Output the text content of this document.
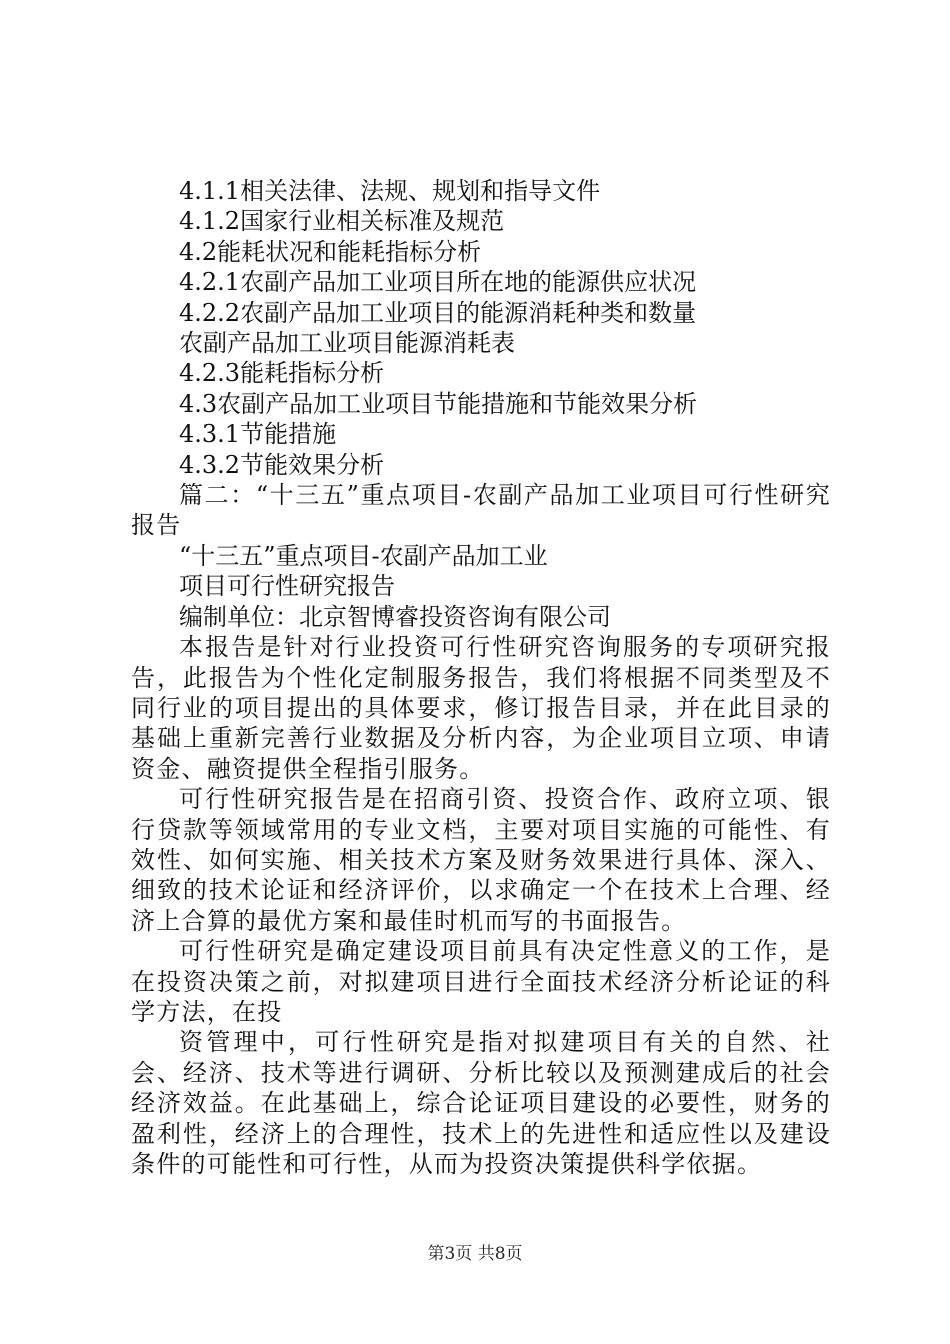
4.1.1相关法律、法规、规划和指导文件
4.1.2国家行业相关标准及规范
4.2能耗状况和能耗指标分析
4.2.1农副产品加工业项目所在地的能源供应状况
4.2.2农副产品加工业项目的能源消耗种类和数量
农副产品加工业项目能源消耗表
4.2.3能耗指标分析
4.3农副产品加工业项目节能措施和节能效果分析
4.3.1节能措施
4.3.2节能效果分析

篇二：“十三五”重点项目-农副产品加工业项目可行性研究报告

“十三五”重点项目-农副产品加工业
项目可行性研究报告
编制单位：北京智博睿投资咨询有限公司

本报告是针对行业投资可行性研究咨询服务的专项研究报告，此报告为个性化定制服务报告，我们将根据不同类型及不同行业的项目提出的具体要求，修订报告目录，并在此目录的基础上重新完善行业数据及分析内容，为企业项目立项、申请资金、融资提供全程指引服务。

可行性研究报告是在招商引资、投资合作、政府立项、银行贷款等领域常用的专业文档，主要对项目实施的可能性、有效性、如何实施、相关技术方案及财务效果进行具体、深入、细致的技术论证和经济评价，以求确定一个在技术上合理、经济上合算的最优方案和最佳时机而写的书面报告。

可行性研究是确定建设项目前具有决定性意义的工作，是在投资决策之前，对拟建项目进行全面技术经济分析论证的科学方法，在投

资管理中，可行性研究是指对拟建项目有关的自然、社会、经济、技术等进行调研、分析比较以及预测建成后的社会经济效益。在此基础上，综合论证项目建设的必要性，财务的盈利性，经济上的合理性，技术上的先进性和适应性以及建设条件的可能性和可行性，从而为投资决策提供科学依据。

第3页 共8页
